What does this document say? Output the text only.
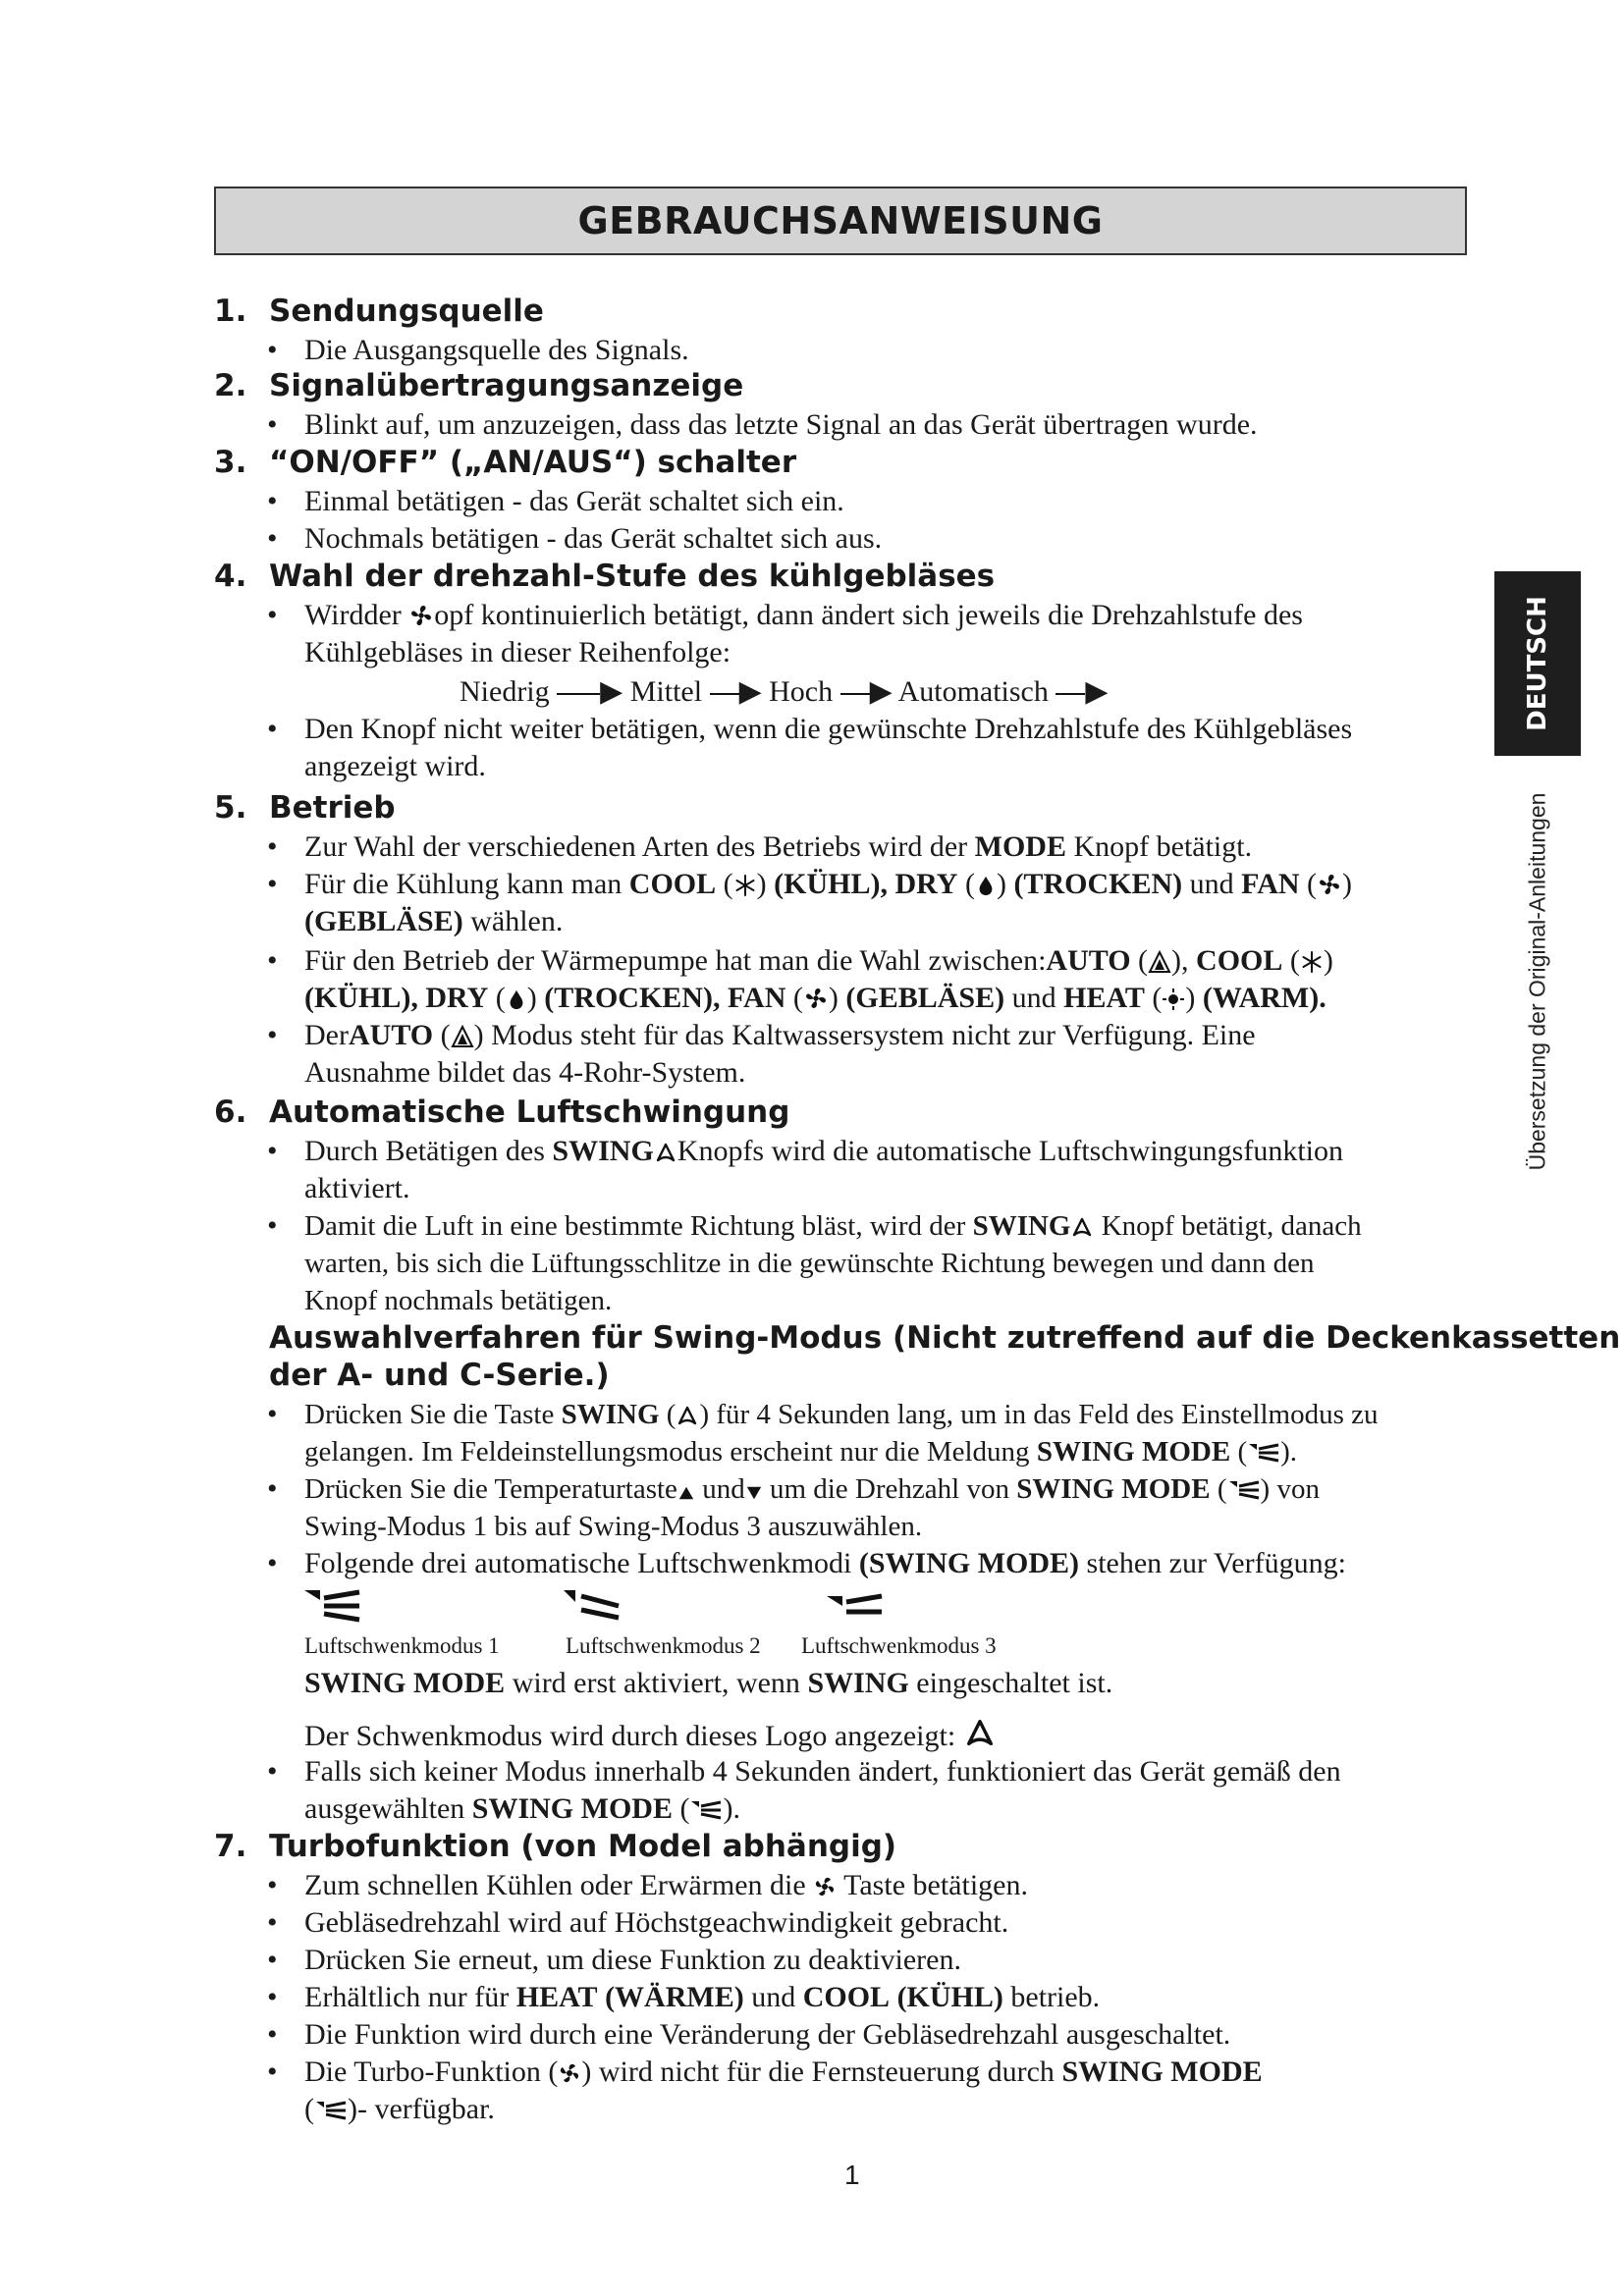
GEBRAUCHSANWEISUNG
DEUTSCH
Übersetzung der Original-Anleitungen
1. Sendungsquelle
• Die Ausgangsquelle des Signals.
2. Signalübertragungsanzeige
• Blinkt auf, um anzuzeigen, dass das letzte Signal an das Gerät übertragen wurde.
3. “ON/OFF” („AN/AUS“) schalter
• Einmal betätigen - das Gerät schaltet sich ein.
• Nochmals betätigen - das Gerät schaltet sich aus.
4. Wahl der drehzahl-Stufe des kühlgebläses
• Wirdder opf kontinuierlich betätigt, dann ändert sich jeweils die Drehzahlstufe des
Kühlgebläses in dieser Reihenfolge:
Niedrig ▶ Mittel ▶ Hoch ▶ Automatisch ▶
• Den Knopf nicht weiter betätigen, wenn die gewünschte Drehzahlstufe des Kühlgebläses
angezeigt wird.
5. Betrieb
• Zur Wahl der verschiedenen Arten des Betriebs wird der MODE Knopf betätigt.
• Für die Kühlung kann man COOL ( ) (KÜHL), DRY ( ) (TROCKEN) und FAN ( )
(GEBLÄSE) wählen.
• Für den Betrieb der Wärmepumpe hat man die Wahl zwischen:AUTO ( ), COOL ( )
(KÜHL), DRY ( ) (TROCKEN), FAN ( ) (GEBLÄSE) und HEAT ( ) (WARM).
• DerAUTO ( ) Modus steht für das Kaltwassersystem nicht zur Verfügung. Eine
Ausnahme bildet das 4-Rohr-System.
6. Automatische Luftschwingung
• Durch Betätigen des SWING Knopfs wird die automatische Luftschwingungsfunktion
aktiviert.
• Damit die Luft in eine bestimmte Richtung bläst, wird der SWING Knopf betätigt, danach
warten, bis sich die Lüftungsschlitze in die gewünschte Richtung bewegen und dann den
Knopf nochmals betätigen.
Auswahlverfahren für Swing-Modus (Nicht zutreffend auf die Deckenkassetten
der A- und C-Serie.)
• Drücken Sie die Taste SWING ( ) für 4 Sekunden lang, um in das Feld des Einstellmodus zu
gelangen. Im Feldeinstellungsmodus erscheint nur die Meldung SWING MODE ( ).
• Drücken Sie die Temperaturtaste und um die Drehzahl von SWING MODE ( ) von
Swing-Modus 1 bis auf Swing-Modus 3 auszuwählen.
• Folgende drei automatische Luftschwenkmodi (SWING MODE) stehen zur Verfügung:
Luftschwenkmodus 1	Luftschwenkmodus 2 Luftschwenkmodus 3
SWING MODE wird erst aktiviert, wenn SWING eingeschaltet ist.
Der Schwenkmodus wird durch dieses Logo angezeigt:
• Falls sich keiner Modus innerhalb 4 Sekunden ändert, funktioniert das Gerät gemäß den
ausgewählten SWING MODE ( ).
7. Turbofunktion (von Model abhängig)
• Zum schnellen Kühlen oder Erwärmen die Taste betätigen.
• Gebläsedrehzahl wird auf Höchstgeachwindigkeit gebracht.
• Drücken Sie erneut, um diese Funktion zu deaktivieren.
• Erhältlich nur für HEAT (WÄRME) und COOL (KÜHL) betrieb.
• Die Funktion wird durch eine Veränderung der Gebläsedrehzahl ausgeschaltet.
• Die Turbo-Funktion ( ) wird nicht für die Fernsteuerung durch SWING MODE
( )- verfügbar.
1
